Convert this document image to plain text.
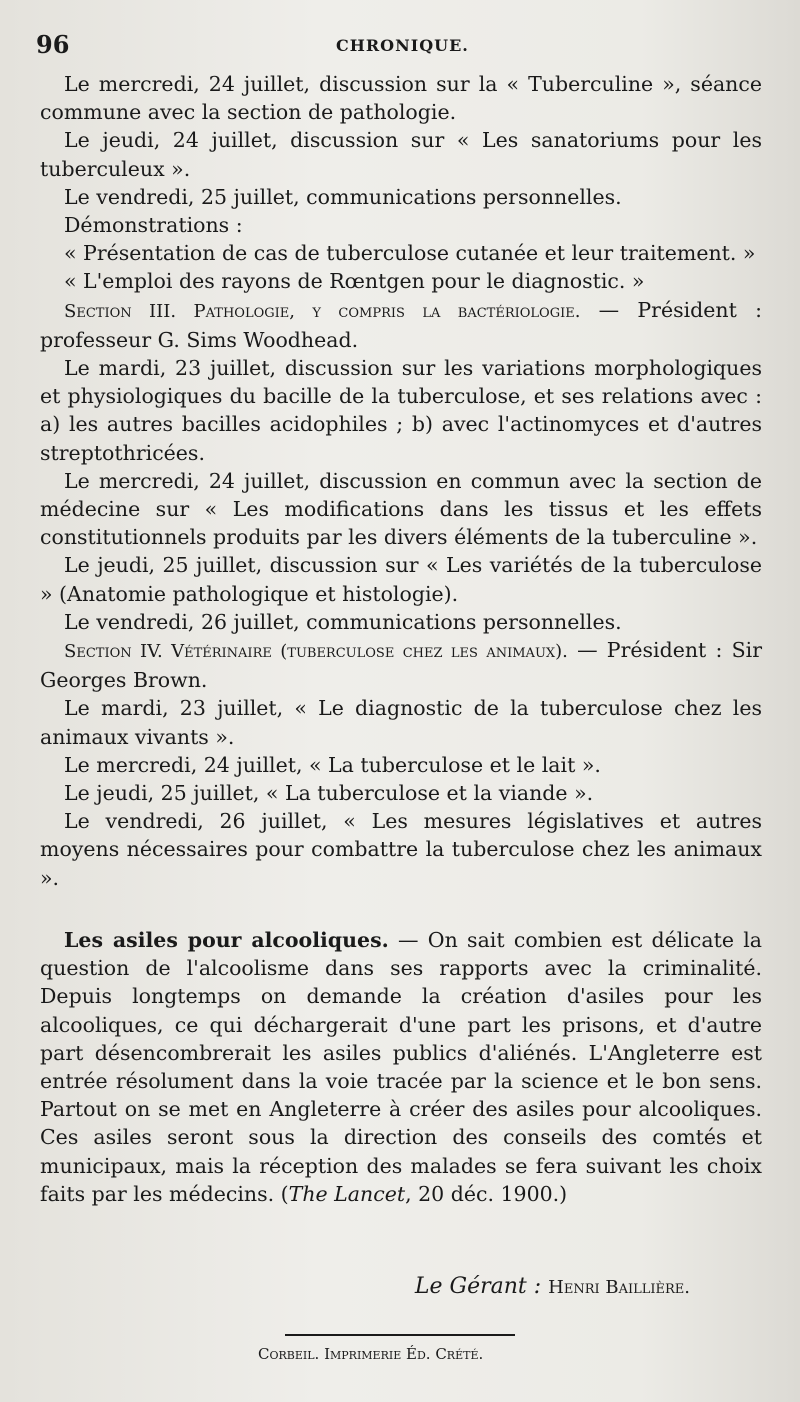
96	CHRONIQUE.

Le mercredi, 24 juillet, discussion sur la « Tuberculine », séance commune avec la section de pathologie.

Le jeudi, 24 juillet, discussion sur « Les sanatoriums pour les tuberculeux ».

Le vendredi, 25 juillet, communications personnelles.

Démonstrations :

« Présentation de cas de tuberculose cutanée et leur traitement. »

« L'emploi des rayons de Rœntgen pour le diagnostic. »

Section III. Pathologie, y compris la bactériologie. — Président : professeur G. Sims Woodhead.

Le mardi, 23 juillet, discussion sur les variations morphologiques et physiologiques du bacille de la tuberculose, et ses relations avec : a) les autres bacilles acidophiles ; b) avec l'actinomyces et d'autres streptothricées.

Le mercredi, 24 juillet, discussion en commun avec la section de médecine sur « Les modifications dans les tissus et les effets constitutionnels produits par les divers éléments de la tuberculine ».

Le jeudi, 25 juillet, discussion sur « Les variétés de la tuberculose » (Anatomie pathologique et histologie).

Le vendredi, 26 juillet, communications personnelles.

Section IV. Vétérinaire (tuberculose chez les animaux). — Président : Sir Georges Brown.

Le mardi, 23 juillet, « Le diagnostic de la tuberculose chez les animaux vivants ».

Le mercredi, 24 juillet, « La tuberculose et le lait ».

Le jeudi, 25 juillet, « La tuberculose et la viande ».

Le vendredi, 26 juillet, « Les mesures législatives et autres moyens nécessaires pour combattre la tuberculose chez les animaux ».

Les asiles pour alcooliques. — On sait combien est délicate la question de l'alcoolisme dans ses rapports avec la criminalité. Depuis longtemps on demande la création d'asiles pour les alcooliques, ce qui déchargerait d'une part les prisons, et d'autre part désencombrerait les asiles publics d'aliénés. L'Angleterre est entrée résolument dans la voie tracée par la science et le bon sens. Partout on se met en Angleterre à créer des asiles pour alcooliques. Ces asiles seront sous la direction des conseils des comtés et municipaux, mais la réception des malades se fera suivant les choix faits par les médecins. (The Lancet, 20 déc. 1900.)

Le Gérant : Henri Baillière.
Corbeil. Imprimerie Éd. Crété.
